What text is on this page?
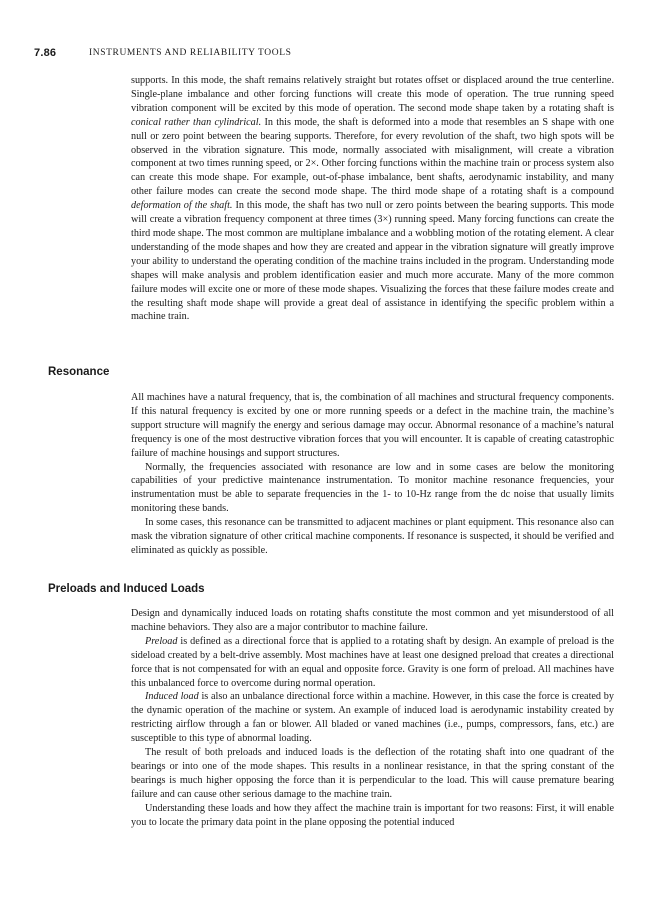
7.86	INSTRUMENTS AND RELIABILITY TOOLS

supports. In this mode, the shaft remains relatively straight but rotates offset or displaced around the true centerline. Single-plane imbalance and other forcing functions will create this mode of operation. The true running speed vibration component will be excited by this mode of operation. The second mode shape taken by a rotating shaft is conical rather than cylindrical. In this mode, the shaft is deformed into a mode that resembles an S shape with one null or zero point between the bearing supports. Therefore, for every revolution of the shaft, two high spots will be observed in the vibration signature. This mode, normally associated with misalignment, will create a vibration component at two times running speed, or 2×. Other forcing functions within the machine train or process system also can create this mode shape. For example, out-of-phase imbalance, bent shafts, aerodynamic instability, and many other failure modes can create the second mode shape. The third mode shape of a rotating shaft is a compound deformation of the shaft. In this mode, the shaft has two null or zero points between the bearing supports. This mode will create a vibration frequency component at three times (3×) running speed. Many forcing functions can create the third mode shape. The most common are multiplane imbalance and a wobbling motion of the rotating element. A clear understanding of the mode shapes and how they are created and appear in the vibration signature will greatly improve your ability to understand the operating condition of the machine trains included in the program. Understanding mode shapes will make analysis and problem identification easier and much more accurate. Many of the more common failure modes will excite one or more of these mode shapes. Visualizing the forces that these failure modes create and the resulting shaft mode shape will provide a great deal of assistance in identifying the specific problem within a machine train.

Resonance

All machines have a natural frequency, that is, the combination of all machines and structural frequency components. If this natural frequency is excited by one or more running speeds or a defect in the machine train, the machine’s support structure will magnify the energy and serious damage may occur. Abnormal resonance of a machine’s natural frequency is one of the most destructive vibration forces that you will encounter. It is capable of creating catastrophic failure of machine housings and support structures.

Normally, the frequencies associated with resonance are low and in some cases are below the monitoring capabilities of your predictive maintenance instrumentation. To monitor machine resonance frequencies, your instrumentation must be able to separate frequencies in the 1- to 10-Hz range from the dc noise that usually limits monitoring these bands.

In some cases, this resonance can be transmitted to adjacent machines or plant equipment. This resonance also can mask the vibration signature of other critical machine components. If resonance is suspected, it should be verified and eliminated as quickly as possible.

Preloads and Induced Loads

Design and dynamically induced loads on rotating shafts constitute the most common and yet misunderstood of all machine behaviors. They also are a major contributor to machine failure.

Preload is defined as a directional force that is applied to a rotating shaft by design. An example of preload is the sideload created by a belt-drive assembly. Most machines have at least one designed preload that creates a directional force that is not compensated for with an equal and opposite force. Gravity is one form of preload. All machines have this unbalanced force to overcome during normal operation.

Induced load is also an unbalance directional force within a machine. However, in this case the force is created by the dynamic operation of the machine or system. An example of induced load is aerodynamic instability created by restricting airflow through a fan or blower. All bladed or vaned machines (i.e., pumps, compressors, fans, etc.) are susceptible to this type of abnormal loading.

The result of both preloads and induced loads is the deflection of the rotating shaft into one quadrant of the bearings or into one of the mode shapes. This results in a nonlinear resistance, in that the spring constant of the bearings is much higher opposing the force than it is perpendicular to the load. This will cause premature bearing failure and can cause other serious damage to the machine train.

Understanding these loads and how they affect the machine train is important for two reasons: First, it will enable you to locate the primary data point in the plane opposing the potential induced
